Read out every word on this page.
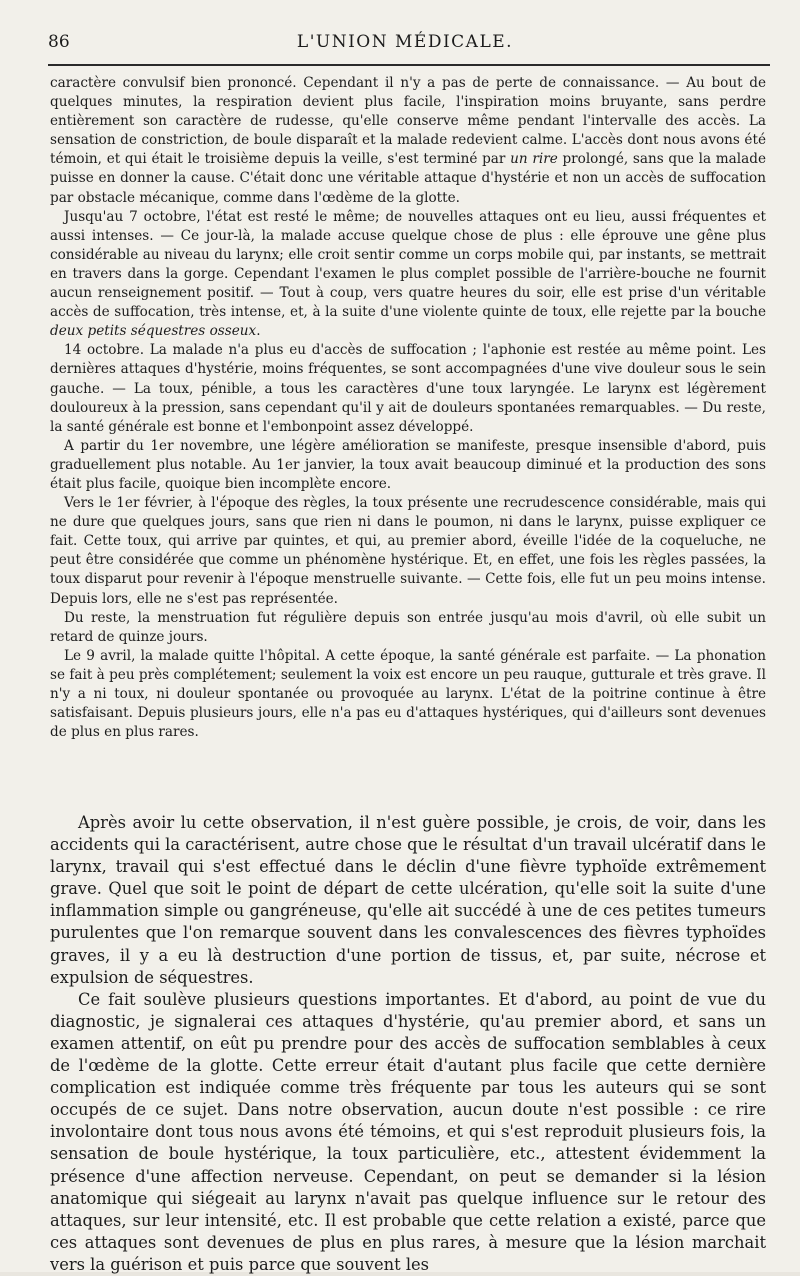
86	L'UNION MÉDICALE.

caractère convulsif bien prononcé. Cependant il n'y a pas de perte de connaissance. — Au bout de quelques minutes, la respiration devient plus facile, l'inspiration moins bruyante, sans perdre entièrement son caractère de rudesse, qu'elle conserve même pendant l'intervalle des accès. La sensation de constriction, de boule disparaît et la malade redevient calme. L'accès dont nous avons été témoin, et qui était le troisième depuis la veille, s'est terminé par un rire prolongé, sans que la malade puisse en donner la cause. C'était donc une véritable attaque d'hystérie et non un accès de suffocation par obstacle mécanique, comme dans l'œdème de la glotte.

Jusqu'au 7 octobre, l'état est resté le même; de nouvelles attaques ont eu lieu, aussi fréquentes et aussi intenses. — Ce jour-là, la malade accuse quelque chose de plus : elle éprouve une gêne plus considérable au niveau du larynx; elle croit sentir comme un corps mobile qui, par instants, se mettrait en travers dans la gorge. Cependant l'examen le plus complet possible de l'arrière-bouche ne fournit aucun renseignement positif. — Tout à coup, vers quatre heures du soir, elle est prise d'un véritable accès de suffocation, très intense, et, à la suite d'une violente quinte de toux, elle rejette par la bouche deux petits séquestres osseux.

14 octobre. La malade n'a plus eu d'accès de suffocation ; l'aphonie est restée au même point. Les dernières attaques d'hystérie, moins fréquentes, se sont accompagnées d'une vive douleur sous le sein gauche. — La toux, pénible, a tous les caractères d'une toux laryngée. Le larynx est légèrement douloureux à la pression, sans cependant qu'il y ait de douleurs spontanées remarquables. — Du reste, la santé générale est bonne et l'embonpoint assez développé.

A partir du 1er novembre, une légère amélioration se manifeste, presque insensible d'abord, puis graduellement plus notable. Au 1er janvier, la toux avait beaucoup diminué et la production des sons était plus facile, quoique bien incomplète encore.

Vers le 1er février, à l'époque des règles, la toux présente une recrudescence considérable, mais qui ne dure que quelques jours, sans que rien ni dans le poumon, ni dans le larynx, puisse expliquer ce fait. Cette toux, qui arrive par quintes, et qui, au premier abord, éveille l'idée de la coqueluche, ne peut être considérée que comme un phénomène hystérique. Et, en effet, une fois les règles passées, la toux disparut pour revenir à l'époque menstruelle suivante. — Cette fois, elle fut un peu moins intense. Depuis lors, elle ne s'est pas représentée.

Du reste, la menstruation fut régulière depuis son entrée jusqu'au mois d'avril, où elle subit un retard de quinze jours.

Le 9 avril, la malade quitte l'hôpital. A cette époque, la santé générale est parfaite. — La phonation se fait à peu près complétement; seulement la voix est encore un peu rauque, gutturale et très grave. Il n'y a ni toux, ni douleur spontanée ou provoquée au larynx. L'état de la poitrine continue à être satisfaisant. Depuis plusieurs jours, elle n'a pas eu d'attaques hystériques, qui d'ailleurs sont devenues de plus en plus rares.

Après avoir lu cette observation, il n'est guère possible, je crois, de voir, dans les accidents qui la caractérisent, autre chose que le résultat d'un travail ulcératif dans le larynx, travail qui s'est effectué dans le déclin d'une fièvre typhoïde extrêmement grave. Quel que soit le point de départ de cette ulcération, qu'elle soit la suite d'une inflammation simple ou gangréneuse, qu'elle ait succédé à une de ces petites tumeurs purulentes que l'on remarque souvent dans les convalescences des fièvres typhoïdes graves, il y a eu là destruction d'une portion de tissus, et, par suite, nécrose et expulsion de séquestres.

Ce fait soulève plusieurs questions importantes. Et d'abord, au point de vue du diagnostic, je signalerai ces attaques d'hystérie, qu'au premier abord, et sans un examen attentif, on eût pu prendre pour des accès de suffocation semblables à ceux de l'œdème de la glotte. Cette erreur était d'autant plus facile que cette dernière complication est indiquée comme très fréquente par tous les auteurs qui se sont occupés de ce sujet. Dans notre observation, aucun doute n'est possible : ce rire involontaire dont tous nous avons été témoins, et qui s'est reproduit plusieurs fois, la sensation de boule hystérique, la toux particulière, etc., attestent évidemment la présence d'une affection nerveuse. Cependant, on peut se demander si la lésion anatomique qui siégeait au larynx n'avait pas quelque influence sur le retour des attaques, sur leur intensité, etc. Il est probable que cette relation a existé, parce que ces attaques sont devenues de plus en plus rares, à mesure que la lésion marchait vers la guérison et puis parce que souvent les
